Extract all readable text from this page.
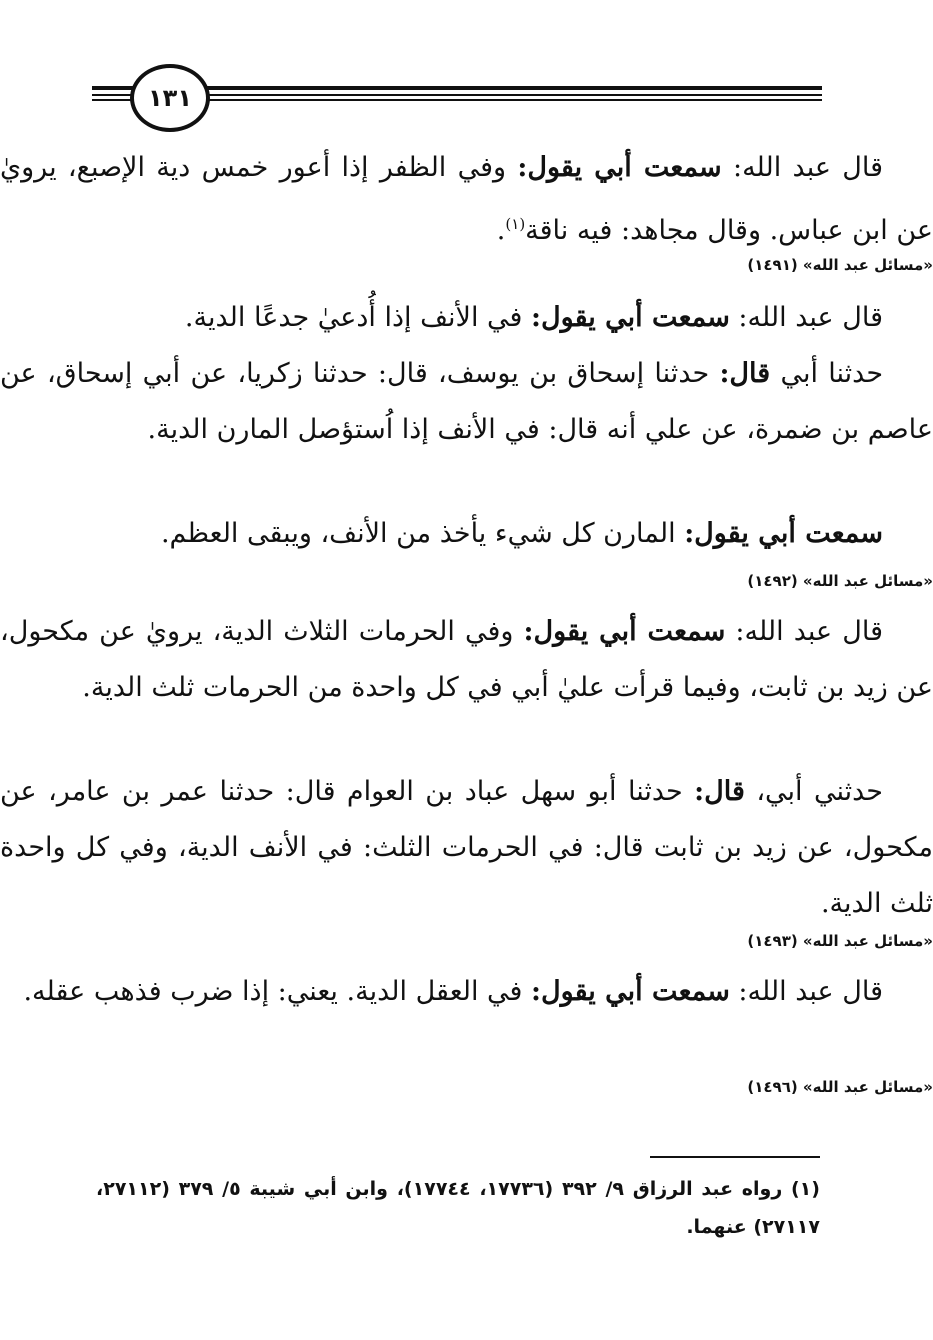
١٣١
قال عبد الله: سمعت أبي يقول: وفي الظفر إذا أعور خمس دية الإصبع، يرويٰ عن ابن عباس. وقال مجاهد: فيه ناقة$^{(١)}$.
«مسائل عبد الله» (١٤٩١)
قال عبد الله: سمعت أبي يقول: في الأنف إذا أُدعيٰ جدعًا الدية.
حدثنا أبي قال: حدثنا إسحاق بن يوسف، قال: حدثنا زكريا، عن أبي إسحاق، عن عاصم بن ضمرة، عن علي أنه قال: في الأنف إذا اُستؤصل المارن الدية.
سمعت أبي يقول: المارن كل شيء يأخذ من الأنف، ويبقى العظم.
«مسائل عبد الله» (١٤٩٢)
قال عبد الله: سمعت أبي يقول: وفي الحرمات الثلاث الدية، يرويٰ عن مكحول، عن زيد بن ثابت، وفيما قرأت عليٰ أبي في كل واحدة من الحرمات ثلث الدية.
حدثني أبي، قال: حدثنا أبو سهل عباد بن العوام قال: حدثنا عمر بن عامر، عن مكحول، عن زيد بن ثابت قال: في الحرمات الثلث: في الأنف الدية، وفي كل واحدة ثلث الدية.
«مسائل عبد الله» (١٤٩٣)
قال عبد الله: سمعت أبي يقول: في العقل الدية. يعني: إذا ضرب فذهب عقله.
«مسائل عبد الله» (١٤٩٦)
(١) رواه عبد الرزاق ٩/ ٣٩٢ (١٧٧٣٦، ١٧٧٤٤)، وابن أبي شيبة ٥/ ٣٧٩ (٢٧١١٢، ٢٧١١٧) عنهما.
